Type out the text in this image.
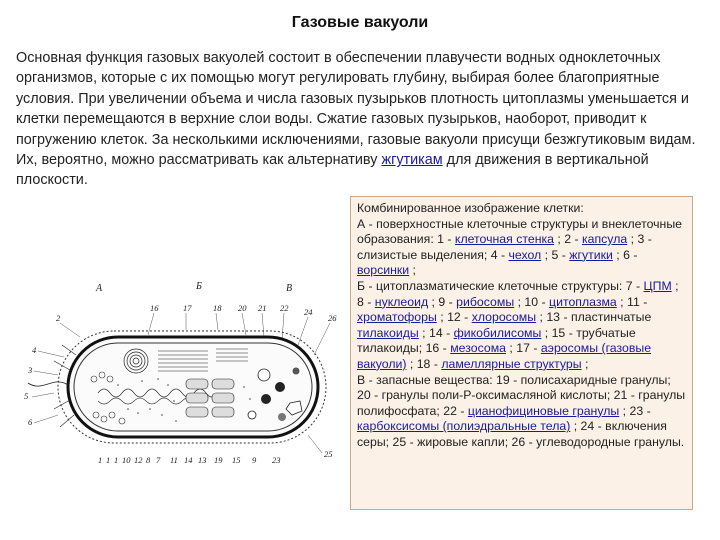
Газовые вакуоли

Основная функция газовых вакуолей состоит в обеспечении плавучести водных одноклеточных организмов, которые с их помощью могут регулировать глубину, выбирая более благоприятные условия. При увеличении объема и числа газовых пузырьков плотность цитоплазмы уменьшается и клетки перемещаются в верхние слои воды. Сжатие газовых пузырьков, наоборот, приводит к погружению клеток. За несколькими исключениями, газовые вакуоли присущи безжгутиковым видам. Их, вероятно, можно рассматривать как альтернативу жгутикам для движения в вертикальной плоскости.

А	Б	В
2
16	17	18 20 21 22 24
26
4
3
5
6
25
1 1 1 10 12 8 7 11 14 13 19 15 9 23
Комбинированное изображение клетки:
А - поверхностные клеточные структуры и внеклеточные образования: 1 - клеточная стенка ; 2 - капсула ; 3 - слизистые выделения; 4 - чехол ; 5 - жгутики ; 6 - ворсинки ;
Б - цитоплазматические клеточные структуры: 7 - ЦПМ ; 8 - нуклеоид ; 9 - рибосомы ; 10 - цитоплазма ; 11 - хроматофоры ; 12 - хлоросомы ; 13 - пластинчатые тилакоиды ; 14 - фикобилисомы ; 15 - трубчатые тилакоиды; 16 - мезосома ; 17 - аэросомы (газовые вакуоли) ; 18 - ламеллярные структуры ;
В - запасные вещества: 19 - полисахаридные гранулы; 20 - гранулы поли-Р-оксимасляной кислоты; 21 - гранулы полифосфата; 22 - цианофициновые гранулы ; 23 - карбоксисомы (полиэдральные тела) ; 24 - включения серы; 25 - жировые капли; 26 - углеводородные гранулы.
